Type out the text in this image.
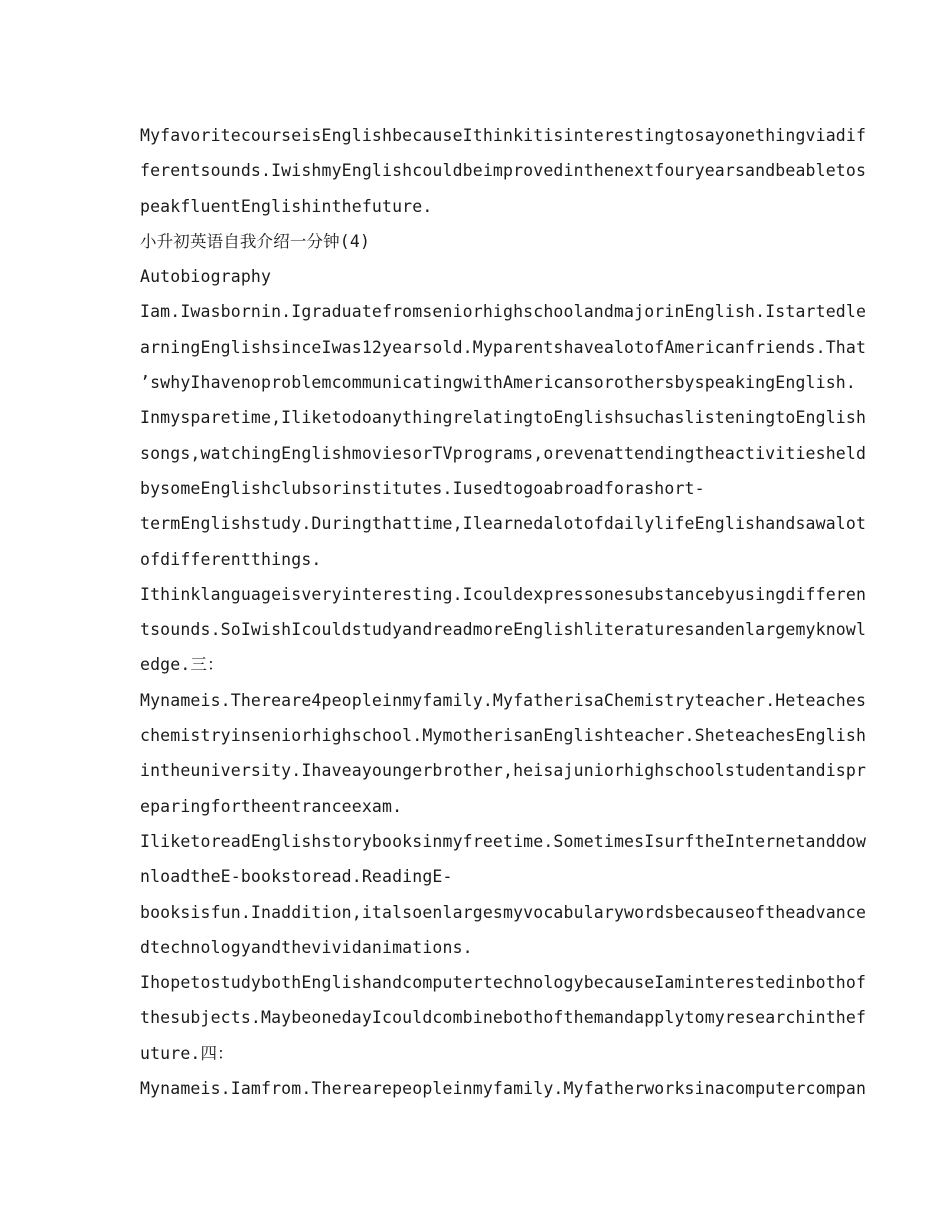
MyfavoritecourseisEnglishbecauseIthinkitisinterestingtosayonethingviadif
ferentsounds.IwishmyEnglishcouldbeimprovedinthenextfouryearsandbeabletos
peakfluentEnglishinthefuture.
小升初英语自我介绍一分钟(4)
Autobiography
Iam.Iwasbornin.IgraduatefromseniorhighschoolandmajorinEnglish.Istartedle
arningEnglishsinceIwas12yearsold.MyparentshavealotofAmericanfriends.That
’swhyIhavenoproblemcommunicatingwithAmericansorothersbyspeakingEnglish.
Inmysparetime,IliketodoanythingrelatingtoEnglishsuchaslisteningtoEnglish
songs,watchingEnglishmoviesorTVprograms,orevenattendingtheactivitiesheld
bysomeEnglishclubsorinstitutes.Iusedtogoabroadforashort-
termEnglishstudy.Duringthattime,IlearnedalotofdailylifeEnglishandsawalot
ofdifferentthings.
Ithinklanguageisveryinteresting.Icouldexpressonesubstancebyusingdifferen
tsounds.SoIwishIcouldstudyandreadmoreEnglishliteraturesandenlargemyknowl
edge.三：
Mynameis.Thereare4peopleinmyfamily.MyfatherisaChemistryteacher.Heteaches
chemistryinseniorhighschool.MymotherisanEnglishteacher.SheteachesEnglish
intheuniversity.Ihaveayoungerbrother,heisajuniorhighschoolstudentandispr
eparingfortheentranceexam.
IliketoreadEnglishstorybooksinmyfreetime.SometimesIsurftheInternetanddow
nloadtheE-bookstoread.ReadingE-
booksisfun.Inaddition,italsoenlargesmyvocabularywordsbecauseoftheadvance
dtechnologyandthevividanimations.
IhopetostudybothEnglishandcomputertechnologybecauseIaminterestedinbothof
thesubjects.MaybeonedayIcouldcombinebothofthemandapplytomyresearchinthef
uture.四：
Mynameis.Iamfrom.Therearepeopleinmyfamily.Myfatherworksinacomputercompan
